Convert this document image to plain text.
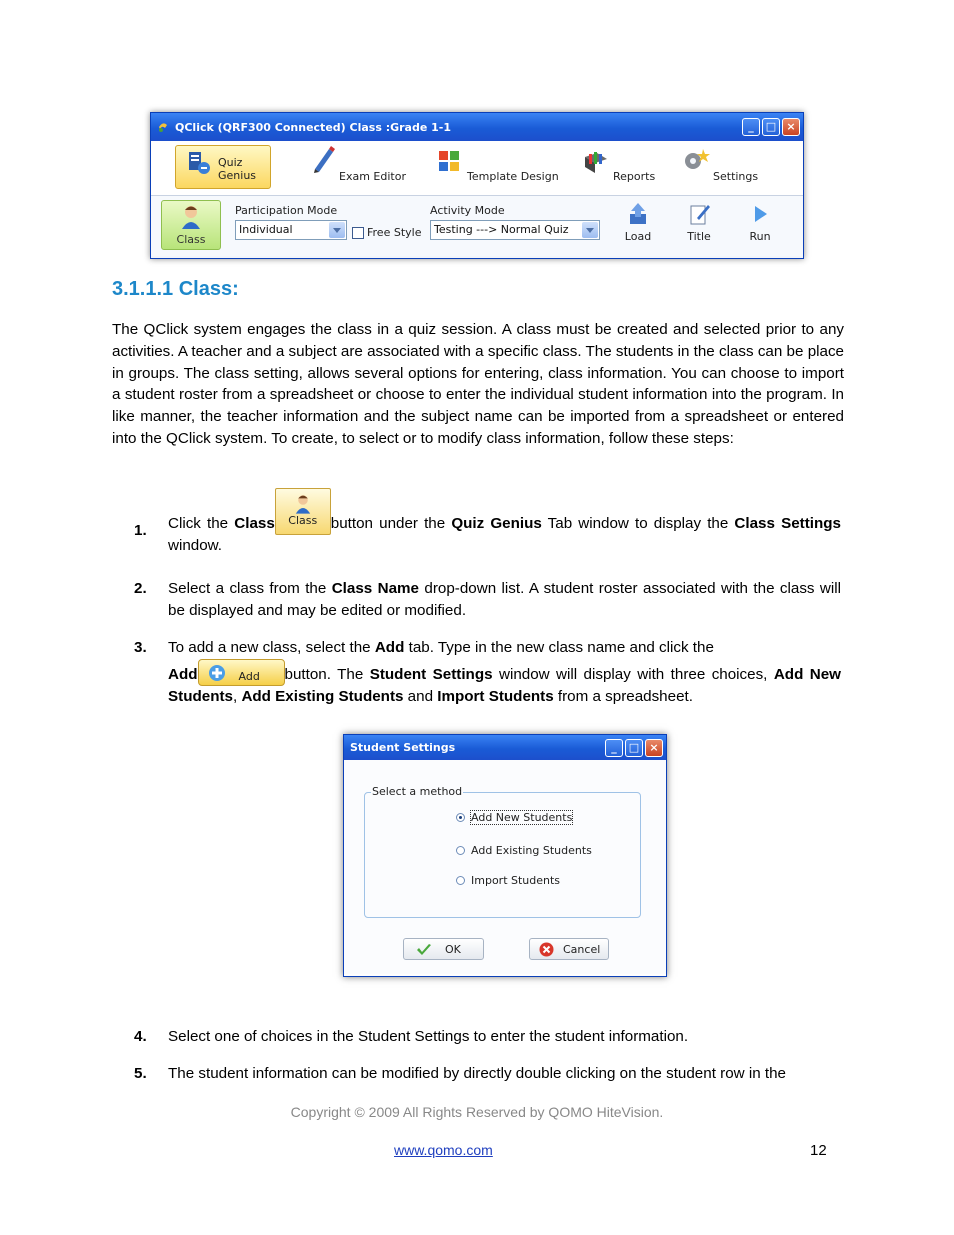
QClick (QRF300 Connected) Class :Grade 1-1	_	□ ×
Quiz Genius	Exam Editor	Template Design	Reports	Settings
Class
Participation Mode
Individual	Free Style
Activity Mode
Testing ---> Normal Quiz
Load	Title	Run
3.1.1.1 Class:

The QClick system engages the class in a quiz session. A class must be created and selected prior to any activities. A teacher and a subject are associated with a specific class. The students in the class can be place in groups. The class setting, allows several options for entering, class information. You can choose to import a student roster from a spreadsheet or choose to enter the individual student information into the program. In like manner, the teacher information and the subject name can be imported from a spreadsheet or entered into the QClick system. To create, to select or to modify class information, follow these steps:

1. Click the Class	Class button under the Quiz Genius Tab window to display the Class Settings window.
2. Select a class from the Class Name drop-down list. A student roster associated with the class will be displayed and may be edited or modified.
3. To add a new class, select the Add tab. Type in the new class name and click the
Add	Add button. The Student Settings window will display with three choices, Add New Students, Add Existing Students and Import Students from a spreadsheet.
Student Settings	_	□ ×
Select a method
Add New Students
Add Existing Students
Import Students
OK	Cancel
4. Select one of choices in the Student Settings to enter the student information.
5. The student information can be modified by directly double clicking on the student row in the
Copyright © 2009 All Rights Reserved by QOMO HiteVision.
www.qomo.com	12
